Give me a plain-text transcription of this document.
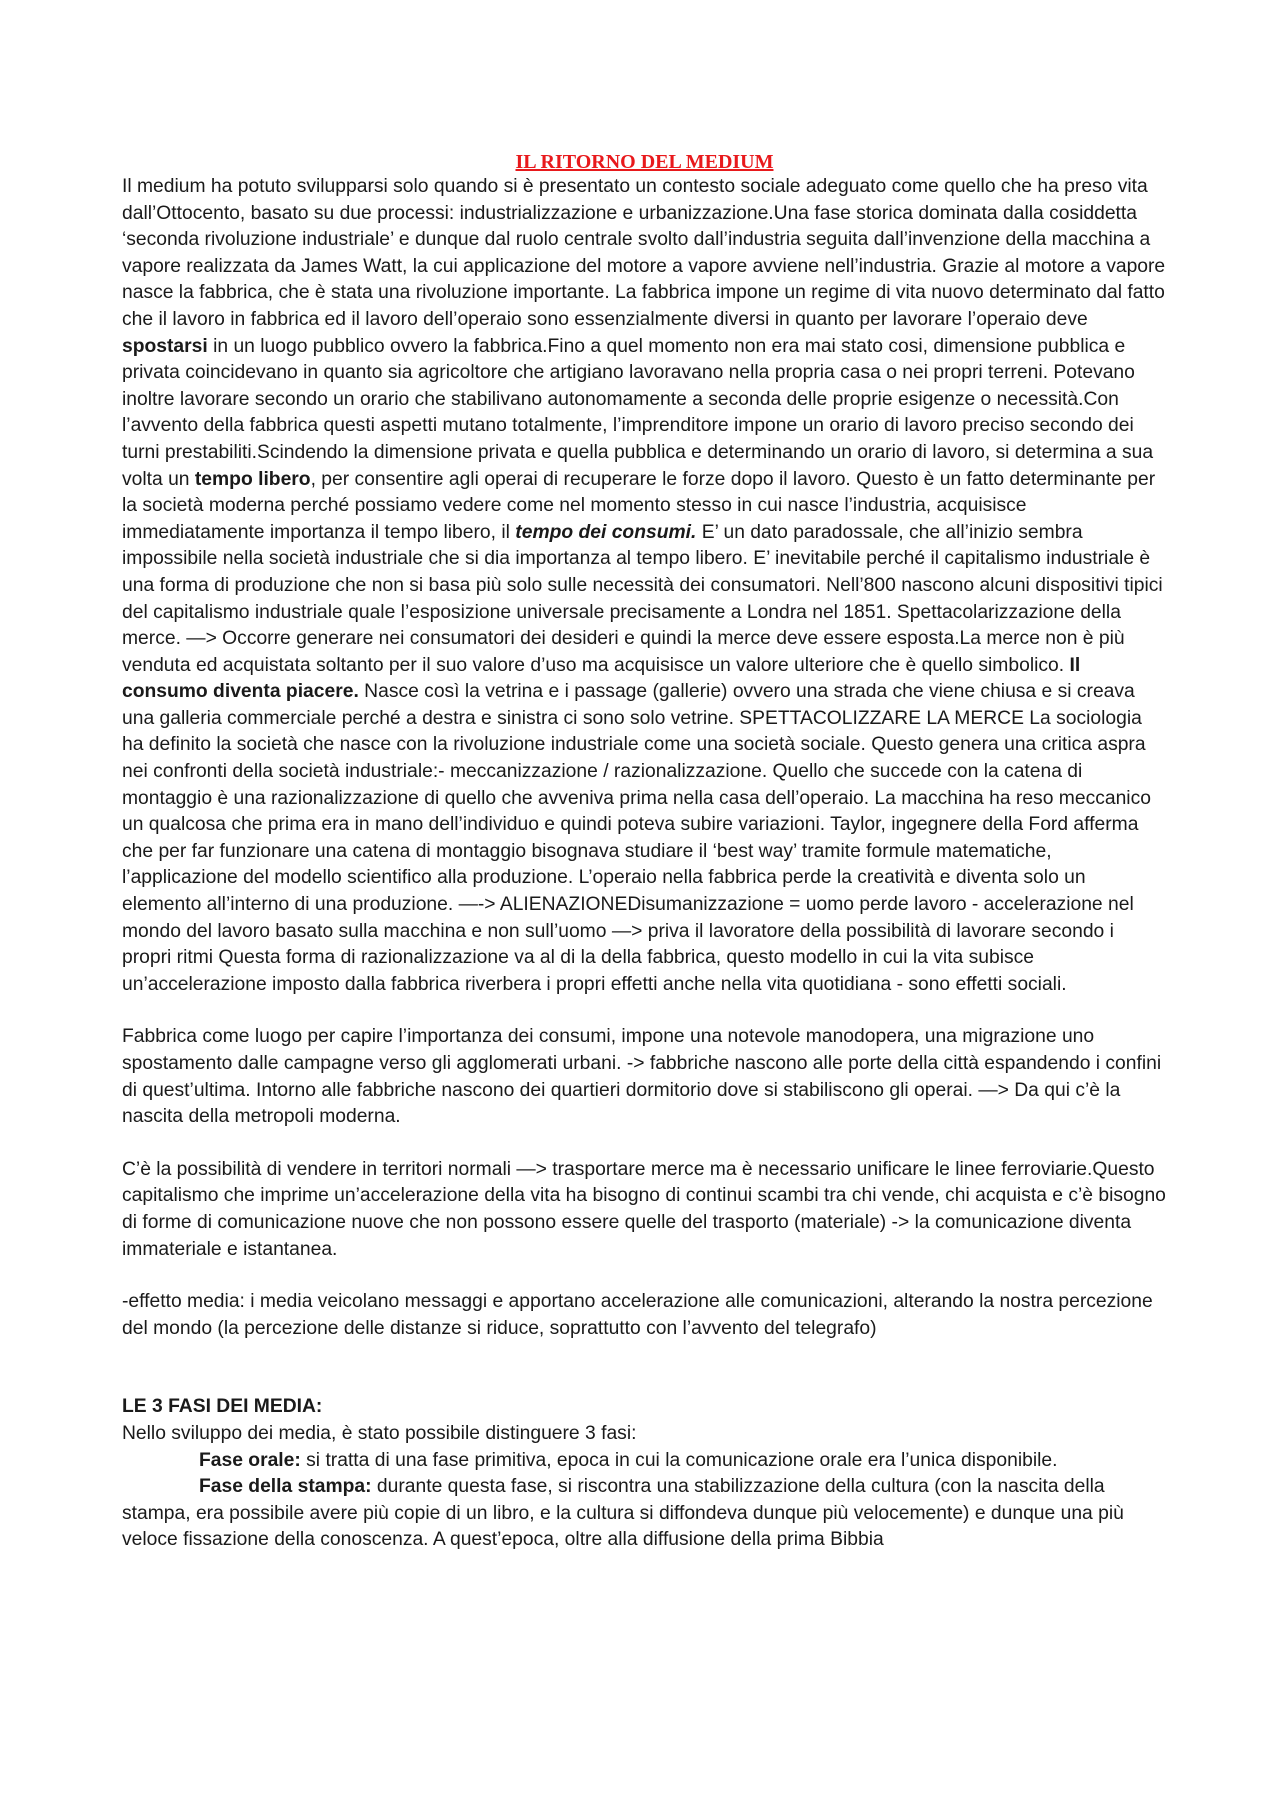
IL RITORNO DEL MEDIUM

Il medium ha potuto svilupparsi solo quando si è presentato un contesto sociale adeguato come quello che ha preso vita dall’Ottocento, basato su due processi: industrializzazione e urbanizzazione.Una fase storica dominata dalla cosiddetta ‘seconda rivoluzione industriale’ e dunque dal ruolo centrale svolto dall’industria seguita dall’invenzione della macchina a vapore realizzata da James Watt, la cui applicazione del motore a vapore avviene nell’industria. Grazie al motore a vapore nasce la fabbrica, che è stata una rivoluzione importante. La fabbrica impone un regime di vita nuovo determinato dal fatto che il lavoro in fabbrica ed il lavoro dell’operaio sono essenzialmente diversi in quanto per lavorare l’operaio deve spostarsi in un luogo pubblico ovvero la fabbrica.Fino a quel momento non era mai stato cosi, dimensione pubblica e privata coincidevano in quanto sia agricoltore che artigiano lavoravano nella propria casa o nei propri terreni. Potevano inoltre lavorare secondo un orario che stabilivano autonomamente a seconda delle proprie esigenze o necessità.Con l’avvento della fabbrica questi aspetti mutano totalmente, l’imprenditore impone un orario di lavoro preciso secondo dei turni prestabiliti.Scindendo la dimensione privata e quella pubblica e determinando un orario di lavoro, si determina a sua volta un tempo libero, per consentire agli operai di recuperare le forze dopo il lavoro. Questo è un fatto determinante per la società moderna perché possiamo vedere come nel momento stesso in cui nasce l’industria, acquisisce immediatamente importanza il tempo libero, il tempo dei consumi. E’ un dato paradossale, che all’inizio sembra impossibile nella società industriale che si dia importanza al tempo libero. E’ inevitabile perché il capitalismo industriale è una forma di produzione che non si basa più solo sulle necessità dei consumatori. Nell’800 nascono alcuni dispositivi tipici del capitalismo industriale quale l’esposizione universale precisamente a Londra nel 1851. Spettacolarizzazione della merce. —> Occorre generare nei consumatori dei desideri e quindi la merce deve essere esposta.La merce non è più venduta ed acquistata soltanto per il suo valore d’uso ma acquisisce un valore ulteriore che è quello simbolico. Il consumo diventa piacere. Nasce così la vetrina e i passage (gallerie) ovvero una strada che viene chiusa e si creava una galleria commerciale perché a destra e sinistra ci sono solo vetrine. SPETTACOLIZZARE LA MERCE La sociologia ha definito la società che nasce con la rivoluzione industriale come una società sociale. Questo genera una critica aspra nei confronti della società industriale:- meccanizzazione / razionalizzazione. Quello che succede con la catena di montaggio è una razionalizzazione di quello che avveniva prima nella casa dell’operaio. La macchina ha reso meccanico un qualcosa che prima era in mano dell’individuo e quindi poteva subire variazioni. Taylor, ingegnere della Ford afferma che per far funzionare una catena di montaggio bisognava studiare il ‘best way’ tramite formule matematiche, l’applicazione del modello scientifico alla produzione. L’operaio nella fabbrica perde la creatività e diventa solo un elemento all’interno di una produzione. —-> ALIENAZIONEDisumanizzazione = uomo perde lavoro - accelerazione nel mondo del lavoro basato sulla macchina e non sull’uomo —> priva il lavoratore della possibilità di lavorare secondo i propri ritmi Questa forma di razionalizzazione va al di la della fabbrica, questo modello in cui la vita subisce un’accelerazione imposto dalla fabbrica riverbera i propri effetti anche nella vita quotidiana - sono effetti sociali.

Fabbrica come luogo per capire l’importanza dei consumi, impone una notevole manodopera, una migrazione uno spostamento dalle campagne verso gli agglomerati urbani. -> fabbriche nascono alle porte della città espandendo i confini di quest’ultima. Intorno alle fabbriche nascono dei quartieri dormitorio dove si stabiliscono gli operai. —> Da qui c’è la nascita della metropoli moderna.

C’è la possibilità di vendere in territori normali —> trasportare merce ma è necessario unificare le linee ferroviarie.Questo capitalismo che imprime un’accelerazione della vita ha bisogno di continui scambi tra chi vende, chi acquista e c’è bisogno di forme di comunicazione nuove che non possono essere quelle del trasporto (materiale) -> la comunicazione diventa immateriale e istantanea.

-effetto media: i media veicolano messaggi e apportano accelerazione alle comunicazioni, alterando la nostra percezione del mondo (la percezione delle distanze si riduce, soprattutto con l’avvento del telegrafo)

LE 3 FASI DEI MEDIA:

Nello sviluppo dei media, è stato possibile distinguere 3 fasi:

Fase orale: si tratta di una fase primitiva, epoca in cui la comunicazione orale era l’unica disponibile.

Fase della stampa: durante questa fase, si riscontra una stabilizzazione della cultura (con la nascita della stampa, era possibile avere più copie di un libro, e la cultura si diffondeva dunque più velocemente) e dunque una più veloce fissazione della conoscenza. A quest’epoca, oltre alla diffusione della prima Bibbia
